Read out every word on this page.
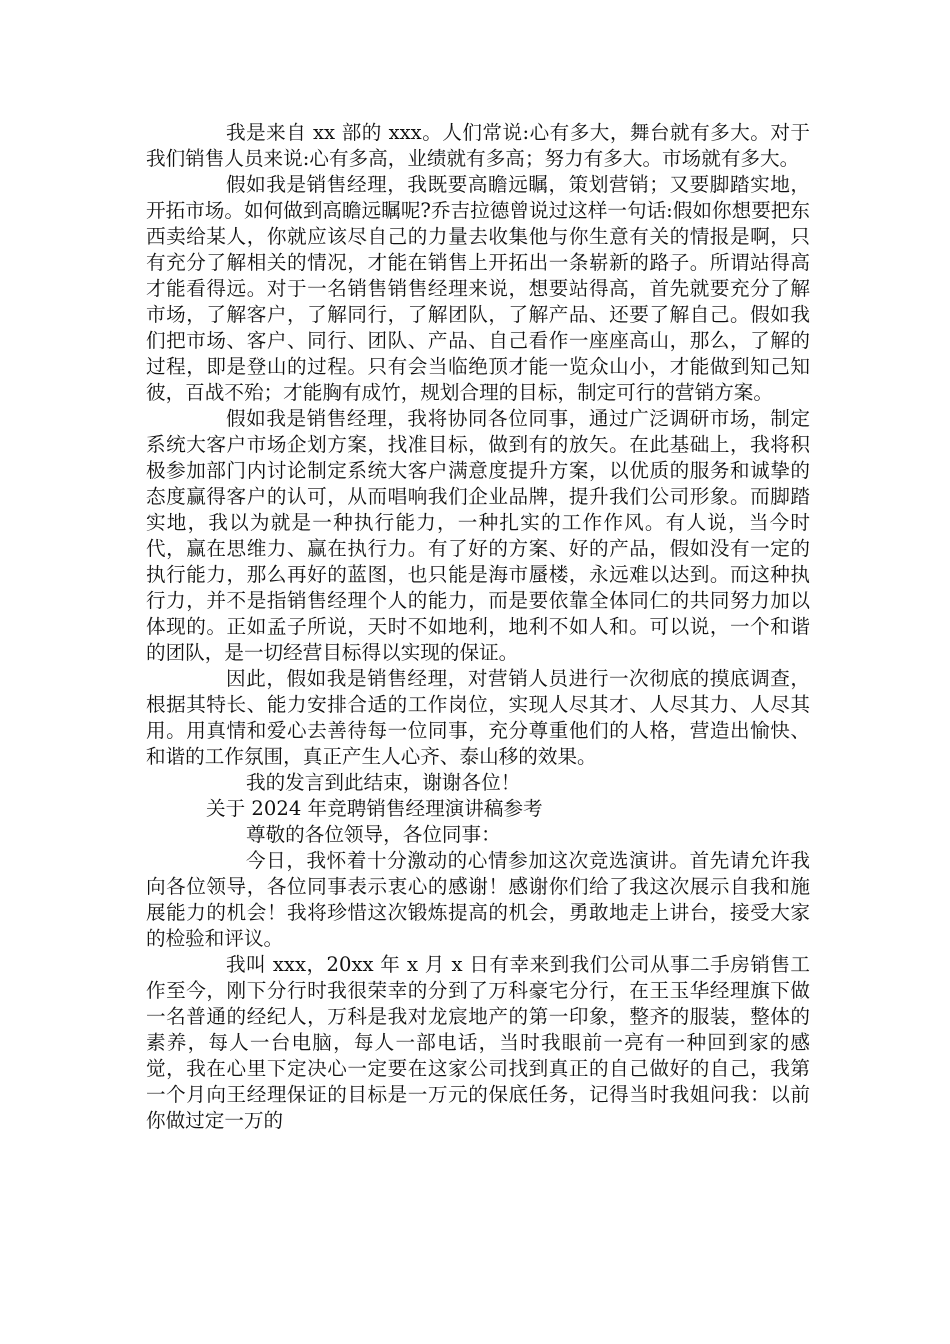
我是来自 xx 部的 xxx。人们常说:心有多大，舞台就有多大。对于我们销售人员来说:心有多高，业绩就有多高；努力有多大。市场就有多大。

假如我是销售经理，我既要高瞻远瞩，策划营销；又要脚踏实地，开拓市场。如何做到高瞻远瞩呢?乔吉拉德曾说过这样一句话:假如你想要把东西卖给某人，你就应该尽自己的力量去收集他与你生意有关的情报是啊，只有充分了解相关的情况，才能在销售上开拓出一条崭新的路子。所谓站得高才能看得远。对于一名销售销售经理来说，想要站得高，首先就要充分了解市场，了解客户，了解同行，了解团队，了解产品、还要了解自己。假如我们把市场、客户、同行、团队、产品、自己看作一座座高山，那么，了解的过程，即是登山的过程。只有会当临绝顶才能一览众山小，才能做到知己知彼，百战不殆；才能胸有成竹，规划合理的目标，制定可行的营销方案。

假如我是销售经理，我将协同各位同事，通过广泛调研市场，制定系统大客户市场企划方案，找准目标，做到有的放矢。在此基础上，我将积极参加部门内讨论制定系统大客户满意度提升方案，以优质的服务和诚挚的态度赢得客户的认可，从而唱响我们企业品牌，提升我们公司形象。而脚踏实地，我以为就是一种执行能力，一种扎实的工作作风。有人说，当今时代，赢在思维力、赢在执行力。有了好的方案、好的产品，假如没有一定的执行能力，那么再好的蓝图，也只能是海市蜃楼，永远难以达到。而这种执行力，并不是指销售经理个人的能力，而是要依靠全体同仁的共同努力加以体现的。正如孟子所说，天时不如地利，地利不如人和。可以说，一个和谐的团队，是一切经营目标得以实现的保证。

因此，假如我是销售经理，对营销人员进行一次彻底的摸底调查，根据其特长、能力安排合适的工作岗位，实现人尽其才、人尽其力、人尽其用。用真情和爱心去善待每一位同事，充分尊重他们的人格，营造出愉快、和谐的工作氛围，真正产生人心齐、泰山移的效果。

我的发言到此结束，谢谢各位！

关于 2024 年竞聘销售经理演讲稿参考

尊敬的各位领导，各位同事：

今日，我怀着十分激动的心情参加这次竞选演讲。首先请允许我向各位领导，各位同事表示衷心的感谢！感谢你们给了我这次展示自我和施展能力的机会！我将珍惜这次锻炼提高的机会，勇敢地走上讲台，接受大家的检验和评议。

我叫 xxx，20xx 年 x 月 x 日有幸来到我们公司从事二手房销售工作至今，刚下分行时我很荣幸的分到了万科豪宅分行，在王玉华经理旗下做一名普通的经纪人，万科是我对龙宸地产的第一印象，整齐的服装，整体的素养，每人一台电脑，每人一部电话，当时我眼前一亮有一种回到家的感觉，我在心里下定决心一定要在这家公司找到真正的自己做好的自己，我第一个月向王经理保证的目标是一万元的保底任务，记得当时我姐问我：以前你做过定一万的
